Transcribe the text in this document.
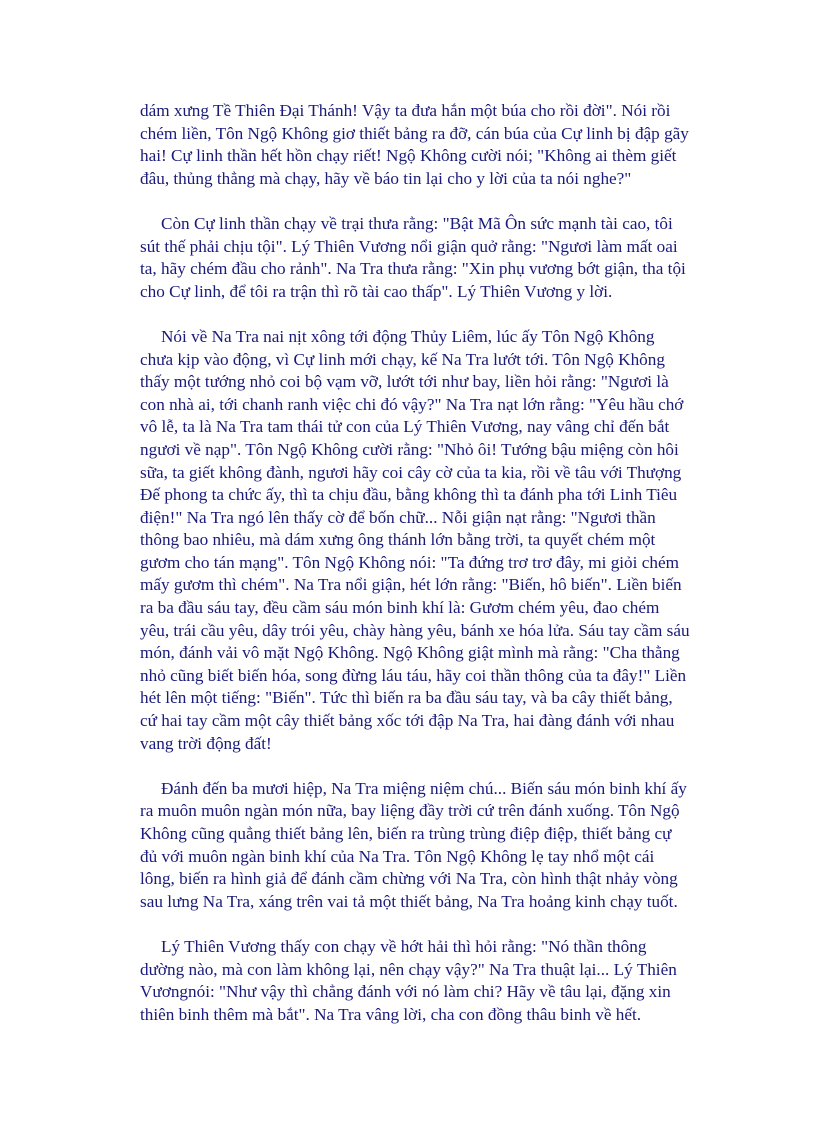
dám xưng Tề Thiên Đại Thánh! Vậy ta đưa hắn một búa cho rồi đời". Nói rồi chém liền, Tôn Ngộ Không giơ thiết bảng ra đỡ, cán búa của Cự linh bị đập gãy hai! Cự linh thần hết hồn chạy riết! Ngộ Không cười nói; "Không ai thèm giết đâu, thủng thẳng mà chạy, hãy về báo tin lại cho y lời của ta nói nghe?"

Còn Cự linh thần chạy về trại thưa rằng: "Bật Mã Ôn sức mạnh tài cao, tôi sút thế phải chịu tội". Lý Thiên Vương nổi giận quở rằng: "Ngươi làm mất oai ta, hãy chém đầu cho rảnh". Na Tra thưa rằng: "Xin phụ vương bớt giận, tha tội cho Cự linh, để tôi ra trận thì rõ tài cao thấp". Lý Thiên Vương y lời.

Nói về Na Tra nai nịt xông tới động Thủy Liêm, lúc ấy Tôn Ngộ Không chưa kịp vào động, vì Cự linh mới chạy, kế Na Tra lướt tới. Tôn Ngộ Không thấy một tướng nhỏ coi bộ vạm vỡ, lướt tới như bay, liền hỏi rằng: "Ngươi là con nhà ai, tới chanh ranh việc chi đó vậy?" Na Tra nạt lớn rằng: "Yêu hầu chớ vô lễ, ta là Na Tra tam thái tử con của Lý Thiên Vương, nay vâng chỉ đến bắt ngươi về nạp". Tôn Ngộ Không cười rằng: "Nhỏ ôi! Tướng bậu miệng còn hôi sữa, ta giết không đành, ngươi hãy coi cây cờ của ta kia, rồi về tâu với Thượng Đế phong ta chức ấy, thì ta chịu đầu, bằng không thì ta đánh pha tới Linh Tiêu điện!" Na Tra ngó lên thấy cờ để bốn chữ... Nỗi giận nạt rằng: "Ngươi thần thông bao nhiêu, mà dám xưng ông thánh lớn bằng trời, ta quyết chém một gươm cho tán mạng". Tôn Ngộ Không nói: "Ta đứng trơ trơ đây, mi giỏi chém mấy gươm thì chém". Na Tra nổi giận, hét lớn rằng: "Biến, hô biến". Liền biến ra ba đầu sáu tay, đều cầm sáu món binh khí là: Gươm chém yêu, đao chém yêu, trái cầu yêu, dây trói yêu, chày hàng yêu, bánh xe hóa lửa. Sáu tay cầm sáu món, đánh vải vô mặt Ngộ Không. Ngộ Không giật mình mà rằng: "Cha thằng nhỏ cũng biết biến hóa, song đừng láu táu, hãy coi thần thông của ta đây!" Liền hét lên một tiếng: "Biến". Tức thì biến ra ba đầu sáu tay, và ba cây thiết bảng, cứ hai tay cầm một cây thiết bảng xốc tới đập Na Tra, hai đàng đánh với nhau vang trời động đất!

Đánh đến ba mươi hiệp, Na Tra miệng niệm chú... Biến sáu món binh khí ấy ra muôn muôn ngàn món nữa, bay liệng đầy trời cứ trên đánh xuống. Tôn Ngộ Không cũng quẳng thiết bảng lên, biến ra trùng trùng điệp điệp, thiết bảng cự đủ với muôn ngàn binh khí của Na Tra. Tôn Ngộ Không lẹ tay nhổ một cái lông, biến ra hình giả để đánh cầm chừng với Na Tra, còn hình thật nhảy vòng sau lưng Na Tra, xáng trên vai tả một thiết bảng, Na Tra hoảng kinh chạy tuốt.

Lý Thiên Vương thấy con chạy về hớt hải thì hỏi rằng: "Nó thần thông dường nào, mà con làm không lại, nên chạy vậy?" Na Tra thuật lại... Lý Thiên Vươngnói: "Như vậy thì chẳng đánh với nó làm chi? Hãy về tâu lại, đặng xin thiên binh thêm mà bắt". Na Tra vâng lời, cha con đồng thâu binh về hết.
